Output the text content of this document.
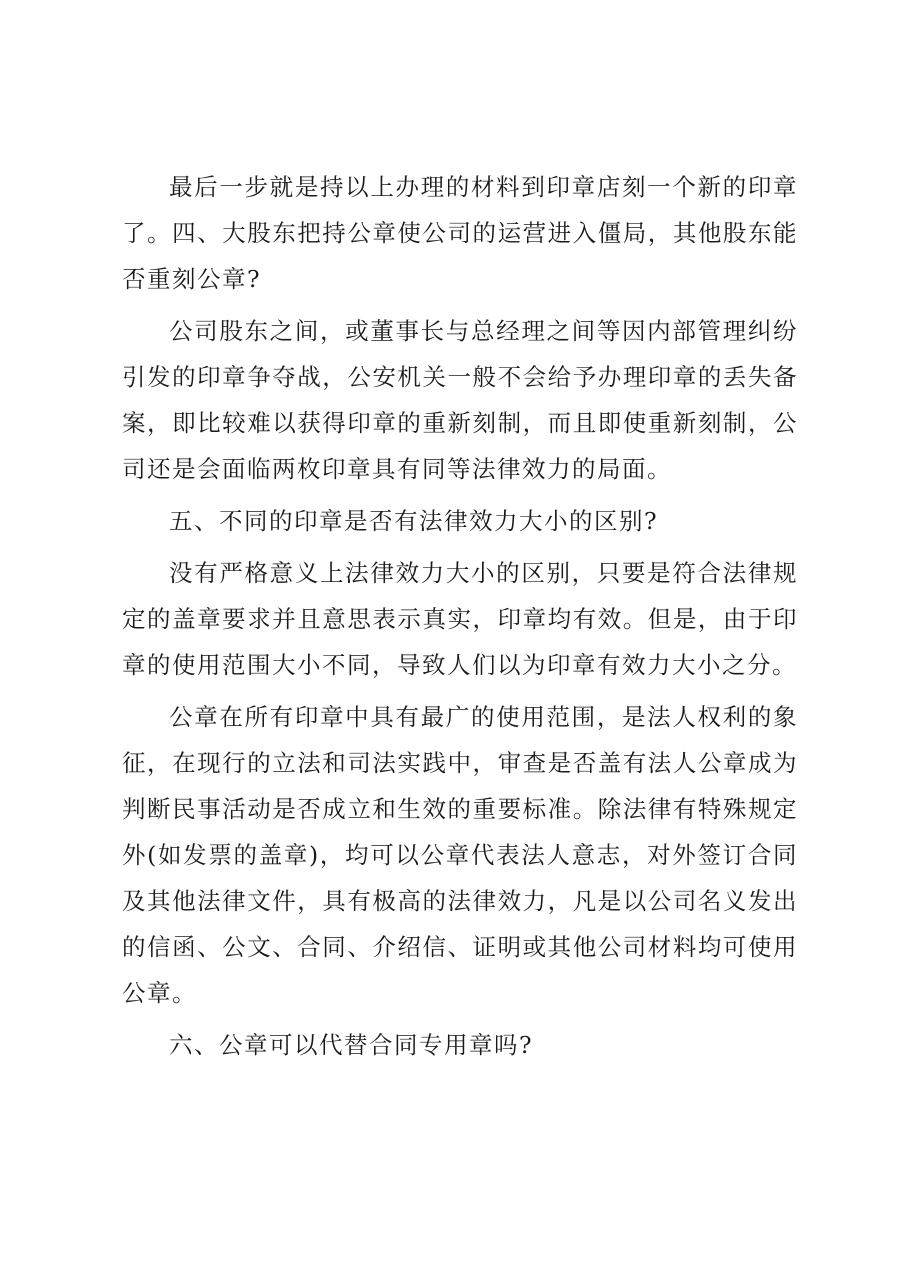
最后一步就是持以上办理的材料到印章店刻一个新的印章了。四、大股东把持公章使公司的运营进入僵局，其他股东能否重刻公章?

公司股东之间，或董事长与总经理之间等因内部管理纠纷引发的印章争夺战，公安机关一般不会给予办理印章的丢失备案，即比较难以获得印章的重新刻制，而且即使重新刻制，公司还是会面临两枚印章具有同等法律效力的局面。

五、不同的印章是否有法律效力大小的区别?

没有严格意义上法律效力大小的区别，只要是符合法律规定的盖章要求并且意思表示真实，印章均有效。但是，由于印章的使用范围大小不同，导致人们以为印章有效力大小之分。

公章在所有印章中具有最广的使用范围，是法人权利的象征，在现行的立法和司法实践中，审查是否盖有法人公章成为判断民事活动是否成立和生效的重要标准。除法律有特殊规定外(如发票的盖章)，均可以公章代表法人意志，对外签订合同及其他法律文件，具有极高的法律效力，凡是以公司名义发出的信函、公文、合同、介绍信、证明或其他公司材料均可使用公章。

六、公章可以代替合同专用章吗?
